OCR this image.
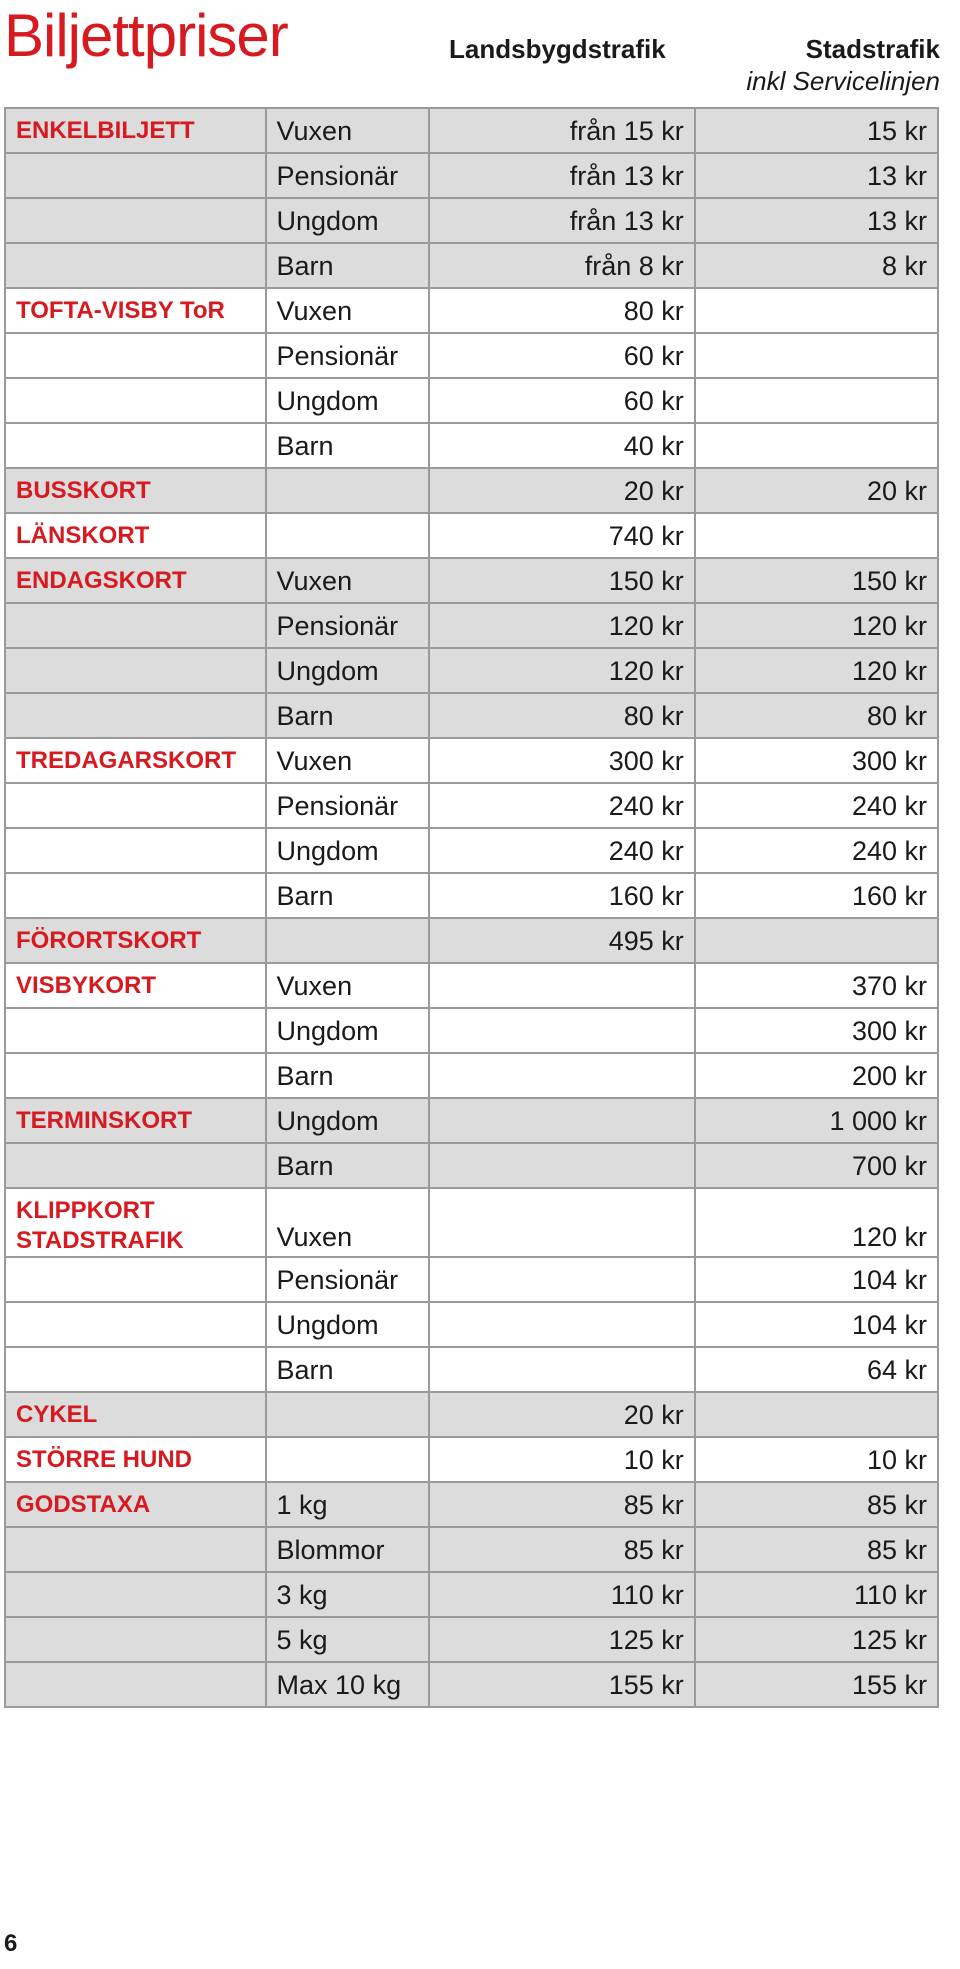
Biljettpriser	Landsbygdstrafik	Stadstrafik
inkl Servicelinjen
ENKELBILJETT	Vuxen	från 15 kr	15 kr
	Pensionär	från 13 kr	13 kr
	Ungdom	från 13 kr	13 kr
	Barn	från 8 kr	8 kr
TOFTA-VISBY ToR	Vuxen	80 kr	
	Pensionär	60 kr	
	Ungdom	60 kr	
	Barn	40 kr	
BUSSKORT		20 kr	20 kr
LÄNSKORT		740 kr	
ENDAGSKORT	Vuxen	150 kr	150 kr
	Pensionär	120 kr	120 kr
	Ungdom	120 kr	120 kr
	Barn	80 kr	80 kr
TREDAGARSKORT	Vuxen	300 kr	300 kr
	Pensionär	240 kr	240 kr
	Ungdom	240 kr	240 kr
	Barn	160 kr	160 kr
FÖRORTSKORT		495 kr	
VISBYKORT	Vuxen		370 kr
	Ungdom		300 kr
	Barn		200 kr
TERMINSKORT	Ungdom		1 000 kr
	Barn		700 kr
KLIPPKORT
STADSTRAFIK	Vuxen		120 kr
	Pensionär		104 kr
	Ungdom		104 kr
	Barn		64 kr
CYKEL		20 kr	
STÖRRE HUND		10 kr	10 kr
GODSTAXA	1 kg	85 kr	85 kr
	Blommor	85 kr	85 kr
	3 kg	110 kr	110 kr
	5 kg	125 kr	125 kr
	Max 10 kg	155 kr	155 kr
6
